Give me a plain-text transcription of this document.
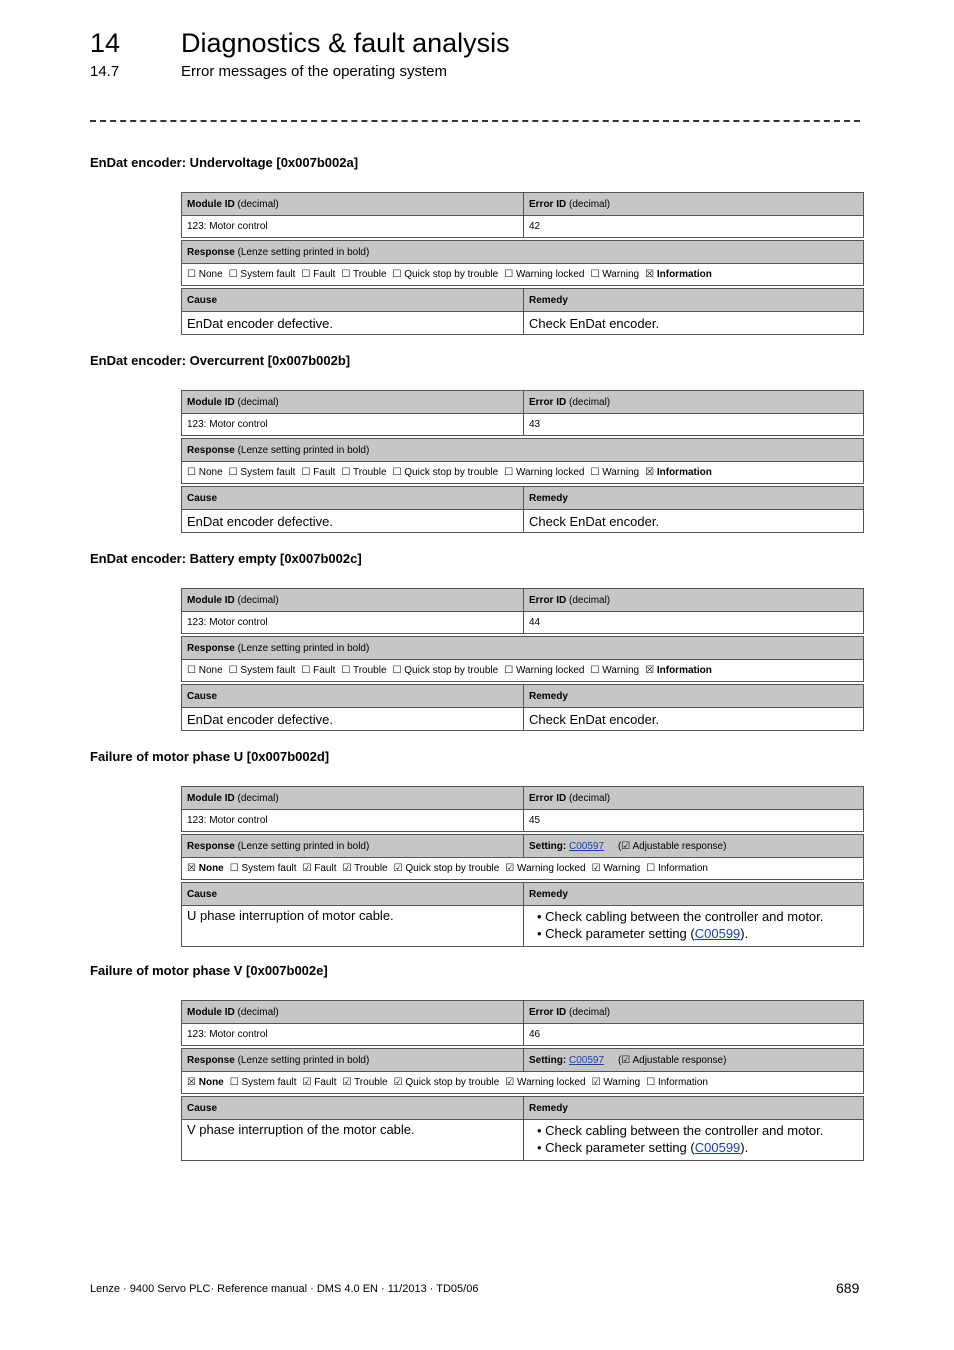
14 Diagnostics & fault analysis
14.7	Error messages of the operating system
EnDat encoder: Undervoltage [0x007b002a]
Module ID (decimal)	Error ID (decimal)
123: Motor control	42
Response (Lenze setting printed in bold)
☐ None ☐ System fault ☐ Fault ☐ Trouble ☐ Quick stop by trouble ☐ Warning locked ☐ Warning ☒ Information
Cause	Remedy
EnDat encoder defective.	Check EnDat encoder.
EnDat encoder: Overcurrent [0x007b002b]
Module ID (decimal)	Error ID (decimal)
123: Motor control	43
Response (Lenze setting printed in bold)
☐ None ☐ System fault ☐ Fault ☐ Trouble ☐ Quick stop by trouble ☐ Warning locked ☐ Warning ☒ Information
Cause	Remedy
EnDat encoder defective.	Check EnDat encoder.
EnDat encoder: Battery empty [0x007b002c]
Module ID (decimal)	Error ID (decimal)
123: Motor control	44
Response (Lenze setting printed in bold)
☐ None ☐ System fault ☐ Fault ☐ Trouble ☐ Quick stop by trouble ☐ Warning locked ☐ Warning ☒ Information
Cause	Remedy
EnDat encoder defective.	Check EnDat encoder.
Failure of motor phase U [0x007b002d]
Module ID (decimal)	Error ID (decimal)
123: Motor control	45
Response (Lenze setting printed in bold)	Setting: C00597 (☑ Adjustable response)
☒ None ☐ System fault ☑ Fault ☑ Trouble ☑ Quick stop by trouble ☑ Warning locked ☑ Warning ☐ Information
Cause	Remedy
U phase interruption of motor cable.	• Check cabling between the controller and motor.
• Check parameter setting (C00599).
Failure of motor phase V [0x007b002e]
Module ID (decimal)	Error ID (decimal)
123: Motor control	46
Response (Lenze setting printed in bold)	Setting: C00597 (☑ Adjustable response)
☒ None ☐ System fault ☑ Fault ☑ Trouble ☑ Quick stop by trouble ☑ Warning locked ☑ Warning ☐ Information
Cause	Remedy
V phase interruption of the motor cable.	• Check cabling between the controller and motor.
• Check parameter setting (C00599).
Lenze · 9400 Servo PLC· Reference manual · DMS 4.0 EN · 11/2013 · TD05/06	689
